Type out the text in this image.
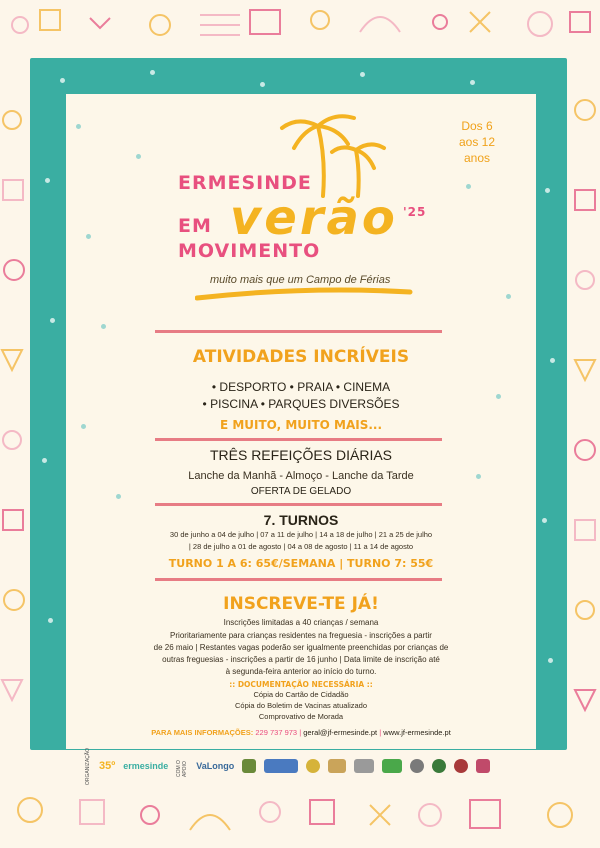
Dos 6
aos 12
anos
verão
ERMESINDE
EM
MOVIMENTO
'25
muito mais que um Campo de Férias
ATIVIDADES INCRÍVEIS
• DESPORTO • PRAIA • CINEMA
• PISCINA • PARQUES DIVERSÕES
E MUITO, MUITO MAIS...
TRÊS REFEIÇÕES DIÁRIAS
Lanche da Manhã - Almoço - Lanche da Tarde
OFERTA DE GELADO
7. TURNOS
30 de junho a 04 de julho | 07 a 11 de julho | 14 a 18 de julho | 21 a 25 de julho
| 28 de julho a 01 de agosto | 04 a 08 de agosto | 11 a 14 de agosto
TURNO 1 A 6: 65€/SEMANA | TURNO 7: 55€
INSCREVE-TE JÁ!
Inscrições limitadas a 40 crianças / semana
Prioritariamente para crianças residentes na freguesia - inscrições a partir
de 26 maio | Restantes vagas poderão ser igualmente preenchidas por crianças de
outras freguesias - inscrições a partir de 16 junho | Data limite de inscrição até
à segunda-feira anterior ao início do turno.
:: DOCUMENTAÇÃO NECESSÁRIA ::
Cópia do Cartão de Cidadão
Cópia do Boletim de Vacinas atualizado
Comprovativo de Morada
PARA MAIS INFORMAÇÕES: 229 737 973 | geral@jf-ermesinde.pt | www.jf-ermesinde.pt
ORGANIZAÇÃO 35º ermesinde COM O APOIO VaLongo
